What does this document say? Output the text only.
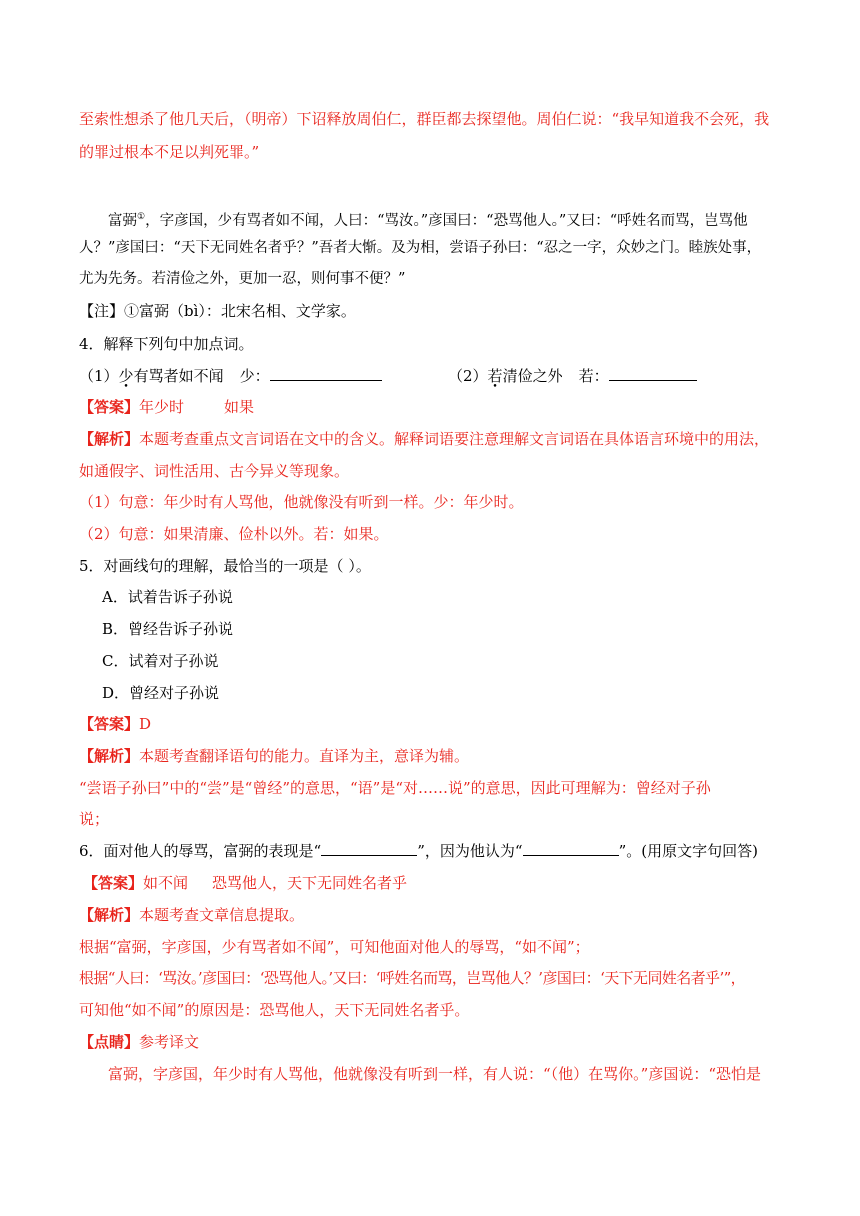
至索性想杀了他几天后，（明帝）下诏释放周伯仁，群臣都去探望他。周伯仁说：“我早知道我不会死，我
的罪过根本不足以判死罪。”
富弼①，字彦国，少有骂者如不闻，人曰：“骂汝。”彦国曰：“恐骂他人。”又曰：“呼姓名而骂，岂骂他
人？”彦国曰：“天下无同姓名者乎？”吾者大惭。及为相，尝语子孙曰：“忍之一字，众妙之门。睦族处事，
尤为先务。若清俭之外，更加一忍，则何事不便？”
【注】①富弼（bì）：北宋名相、文学家。
4．解释下列句中加点词。
（1）少有骂者如不闻 少：	（2）若清俭之外 若：
【答案】年少时	如果
【解析】本题考查重点文言词语在文中的含义。解释词语要注意理解文言词语在具体语言环境中的用法，
如通假字、词性活用、古今异义等现象。
（1）句意：年少时有人骂他，他就像没有听到一样。少：年少时。
（2）句意：如果清廉、俭朴以外。若：如果。
5．对画线句的理解，最恰当的一项是（ ）。
A．试着告诉子孙说
B．曾经告诉子孙说
C．试着对子孙说
D．曾经对子孙说
【答案】D
【解析】本题考查翻译语句的能力。直译为主，意译为辅。
“尝语子孙曰”中的“尝”是“曾经”的意思，“语”是“对……说”的意思，因此可理解为：曾经对子孙
说；
6．面对他人的辱骂，富弼的表现是“	”，因为他认为“	”。(用原文字句回答)
【答案】如不闻 恐骂他人，天下无同姓名者乎
【解析】本题考查文章信息提取。
根据“富弼，字彦国，少有骂者如不闻”，可知他面对他人的辱骂，“如不闻”；
根据“人曰：‘骂汝。’彦国曰：‘恐骂他人。’又曰：‘呼姓名而骂，岂骂他人？’彦国曰：‘天下无同姓名者乎’”，
可知他“如不闻”的原因是：恐骂他人，天下无同姓名者乎。
【点睛】参考译文
富弼，字彦国，年少时有人骂他，他就像没有听到一样，有人说：“（他）在骂你。”彦国说：“恐怕是
